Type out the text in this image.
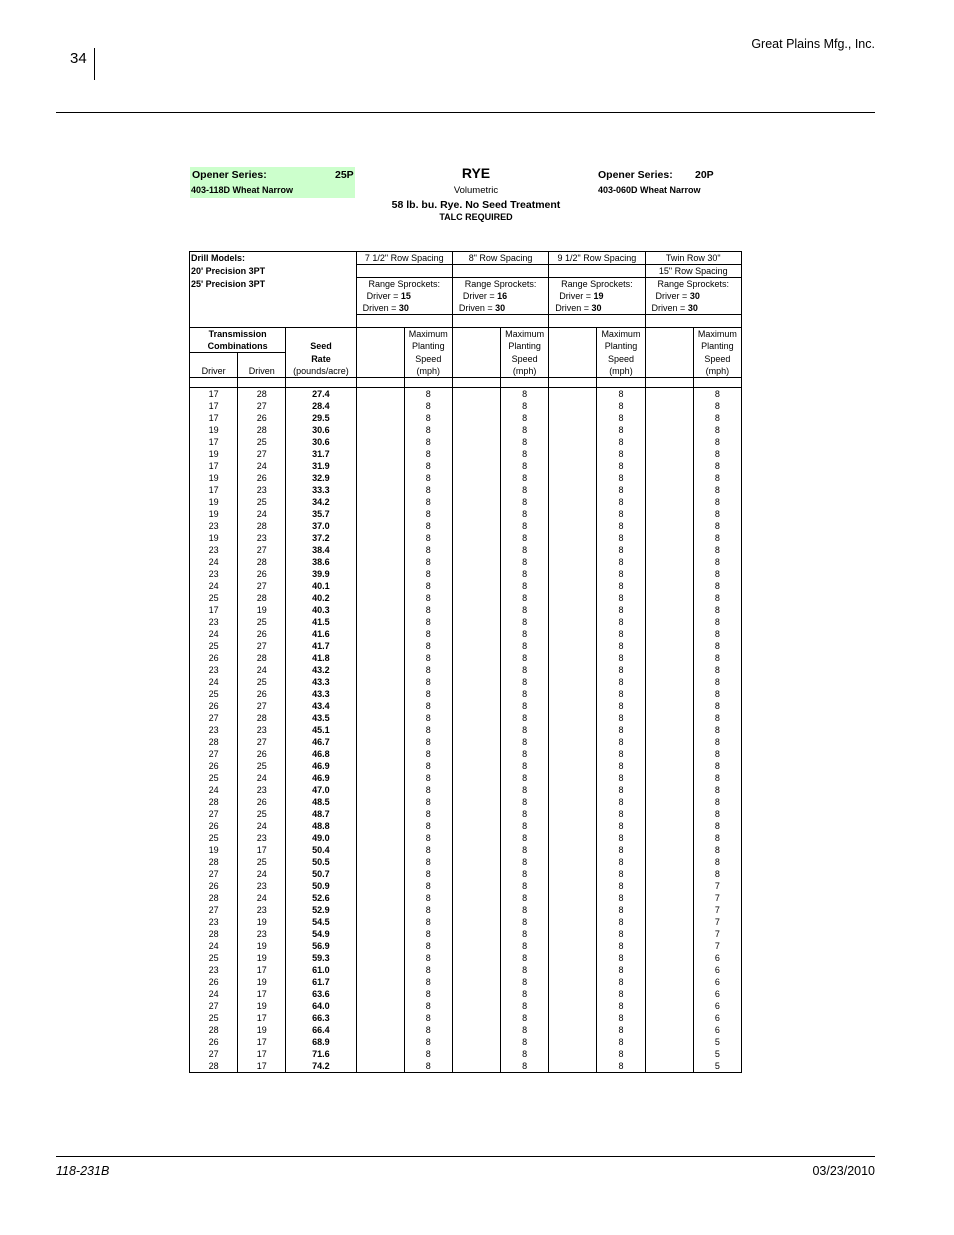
34
Great Plains Mfg., Inc.
118-231B	03/23/2010
Opener Series:	25P
403-118D Wheat Narrow
RYE
Volumetric
58 lb. bu. Rye. No Seed Treatment
TALC REQUIRED
Opener Series: 20P
403-060D Wheat Narrow
Drill Models:			7 1/2" Row Spacing		8" Row Spacing		9 1/2" Row Spacing		Twin Row 30"	
20' Precision 3PT									15" Row Spacing	
25' Precision 3PT			Range Sprockets:		Range Sprockets:		Range Sprockets:		Range Sprockets:	
			Driver = 15		Driver = 16		Driver = 19		Driver = 30	
			Driven = 30		Driven = 30		Driven = 30		Driven = 30	

Transmission				Maximum		Maximum		Maximum		Maximum
Combinations		Seed		Planting		Planting		Planting		Planting
		Rate		Speed		Speed		Speed		Speed
Driver	Driven	(pounds/acre)		(mph)		(mph)		(mph)		(mph)

17	28	27.4		8		8		8		8
17	27	28.4		8		8		8		8
17	26	29.5		8		8		8		8
19	28	30.6		8		8		8		8
17	25	30.6		8		8		8		8
19	27	31.7		8		8		8		8
17	24	31.9		8		8		8		8
19	26	32.9		8		8		8		8
17	23	33.3		8		8		8		8
19	25	34.2		8		8		8		8
19	24	35.7		8		8		8		8
23	28	37.0		8		8		8		8
19	23	37.2		8		8		8		8
23	27	38.4		8		8		8		8
24	28	38.6		8		8		8		8
23	26	39.9		8		8		8		8
24	27	40.1		8		8		8		8
25	28	40.2		8		8		8		8
17	19	40.3		8		8		8		8
23	25	41.5		8		8		8		8
24	26	41.6		8		8		8		8
25	27	41.7		8		8		8		8
26	28	41.8		8		8		8		8
23	24	43.2		8		8		8		8
24	25	43.3		8		8		8		8
25	26	43.3		8		8		8		8
26	27	43.4		8		8		8		8
27	28	43.5		8		8		8		8
23	23	45.1		8		8		8		8
28	27	46.7		8		8		8		8
27	26	46.8		8		8		8		8
26	25	46.9		8		8		8		8
25	24	46.9		8		8		8		8
24	23	47.0		8		8		8		8
28	26	48.5		8		8		8		8
27	25	48.7		8		8		8		8
26	24	48.8		8		8		8		8
25	23	49.0		8		8		8		8
19	17	50.4		8		8		8		8
28	25	50.5		8		8		8		8
27	24	50.7		8		8		8		8
26	23	50.9		8		8		8		7
28	24	52.6		8		8		8		7
27	23	52.9		8		8		8		7
23	19	54.5		8		8		8		7
28	23	54.9		8		8		8		7
24	19	56.9		8		8		8		7
25	19	59.3		8		8		8		6
23	17	61.0		8		8		8		6
26	19	61.7		8		8		8		6
24	17	63.6		8		8		8		6
27	19	64.0		8		8		8		6
25	17	66.3		8		8		8		6
28	19	66.4		8		8		8		6
26	17	68.9		8		8		8		5
27	17	71.6		8		8		8		5
28	17	74.2		8		8		8		5
